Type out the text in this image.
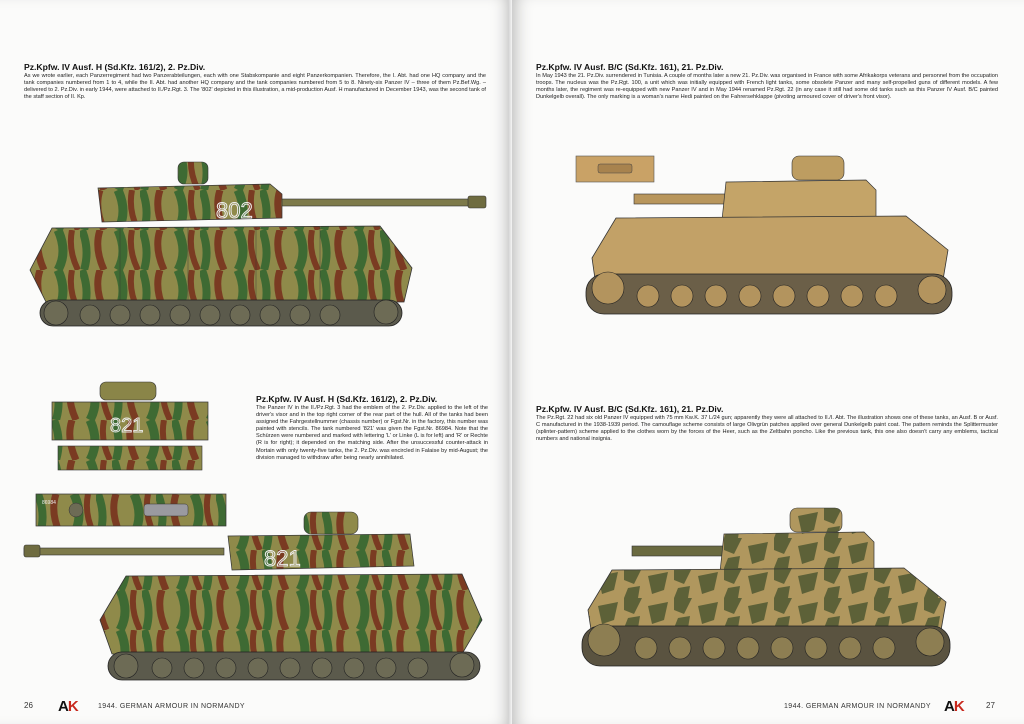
Pz.Kpfw. IV Ausf. H (Sd.Kfz. 161/2), 2. Pz.Div.

As we wrote earlier, each Panzerregiment had two Panzerabteilungen, each with one Stabskompanie and eight Panzerkompanien. Therefore, the I. Abt. had one HQ company and the tank companies numbered from 1 to 4, while the II. Abt. had another HQ company and the tank companies numbered from 5 to 8. Ninety-six Panzer IV – three of them Pz.Bef.Wg. –delivered to 2. Pz.Div. in early 1944, were attached to II./Pz.Rgt. 3. The '802' depicted in this illustration, a mid-production Ausf. H manufactured in December 1943, was the second tank of the staff section of II. Kp.

802
821
86984
Pz.Kpfw. IV Ausf. H (Sd.Kfz. 161/2), 2. Pz.Div.

The Panzer IV in the II./Pz.Rgt. 3 had the emblem of the 2. Pz.Div. applied to the left of the driver's visor and in the top right corner of the rear part of the hull. All of the tanks had been assigned the Fahrgestellnummer (chassis number) or Fgst.Nr. in the factory, this number was painted with stencils. The tank numbered '821' was given the Fgst.Nr. 86984. Note that the Schürzen were numbered and marked with lettering 'L' or Linke (L is for left) and 'R' or Rechte (R is for right); it depended on the matching side. After the unsuccessful counter-attack in Mortain with only twenty-five tanks, the 2. Pz.Div. was encircled in Falaise by mid-August; the division managed to withdraw after being nearly annihilated.

821
26 AK	1944. GERMAN ARMOUR IN NORMANDY
Pz.Kpfw. IV Ausf. B/C (Sd.Kfz. 161), 21. Pz.Div.

In May 1943 the 21. Pz.Div. surrendered in Tunisia. A couple of months later a new 21. Pz.Div. was organised in France with some Afrikakorps veterans and personnel from the occupation troops. The nucleus was the Pz.Rgt. 100, a unit which was initially equipped with French light tanks, some obsolete Panzer and many self-propelled guns of different models. A few months later, the regiment was re-equipped with new Panzer IV and in May 1944 renamed Pz.Rgt. 22 (in any case it still had some old tanks such as this Panzer IV Ausf. B/C painted Dunkelgelb overall). The only marking is a woman's name Hedi painted on the Fahrersehklappe (pivoting armoured cover of driver's front visor).

Pz.Kpfw. IV Ausf. B/C (Sd.Kfz. 161), 21. Pz.Div.

The Pz.Rgt. 22 had six old Panzer IV equipped with 75 mm Kw.K. 37 L/24 gun; apparently they were all attached to II./I. Abt. The illustration shows one of these tanks, an Ausf. B or Ausf. C manufactured in the 1938-1939 period. The camouflage scheme consists of large Olivgrün patches applied over general Dunkelgelb paint coat. The pattern reminds the Splittermuster (splinter-pattern) scheme applied to the clothes worn by the forces of the Heer, such as the Zeltbahn poncho. Like the previous tank, this one also doesn't carry any emblems, tactical numbers and national insignia.

1944. GERMAN ARMOUR IN NORMANDY AK	27
